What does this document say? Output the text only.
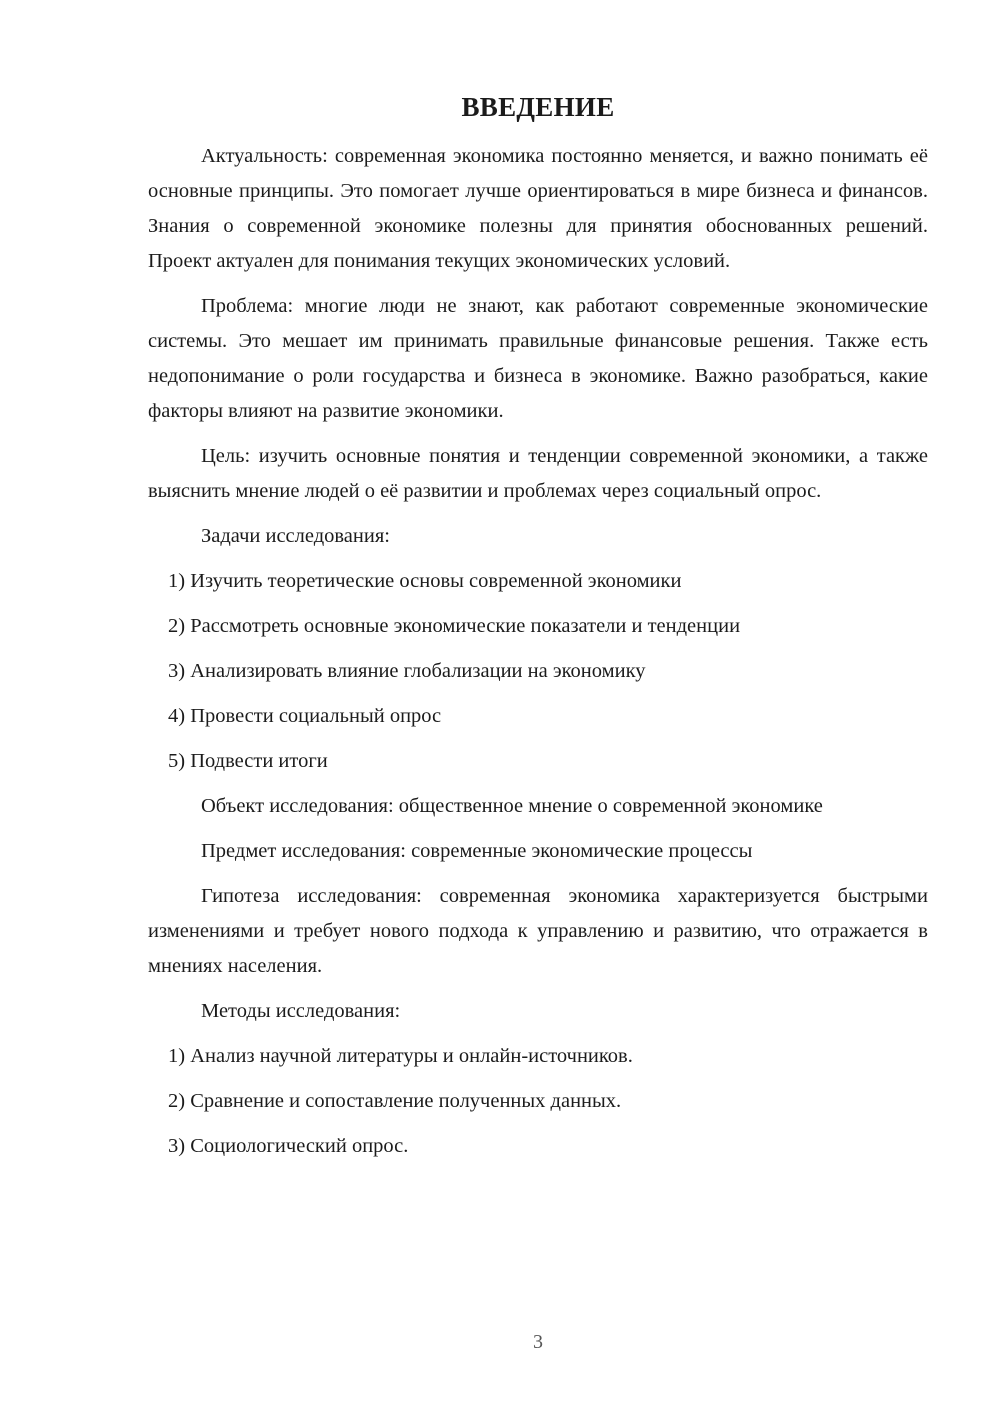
ВВЕДЕНИЕ

Актуальность: современная экономика постоянно меняется, и важно понимать её основные принципы. Это помогает лучше ориентироваться в мире бизнеса и финансов. Знания о современной экономике полезны для принятия обоснованных решений. Проект актуален для понимания текущих экономических условий.

Проблема: многие люди не знают, как работают современные экономические системы. Это мешает им принимать правильные финансовые решения. Также есть недопонимание о роли государства и бизнеса в экономике. Важно разобраться, какие факторы влияют на развитие экономики.

Цель: изучить основные понятия и тенденции современной экономики, а также выяснить мнение людей о её развитии и проблемах через социальный опрос.

Задачи исследования:

1) Изучить теоретические основы современной экономики

2) Рассмотреть основные экономические показатели и тенденции

3) Анализировать влияние глобализации на экономику

4) Провести социальный опрос

5) Подвести итоги

Объект исследования: общественное мнение о современной экономике

Предмет исследования: современные экономические процессы

Гипотеза исследования: современная экономика характеризуется быстрыми изменениями и требует нового подхода к управлению и развитию, что отражается в мнениях населения.

Методы исследования:

1) Анализ научной литературы и онлайн-источников.

2) Сравнение и сопоставление полученных данных.

3) Социологический опрос.

3
